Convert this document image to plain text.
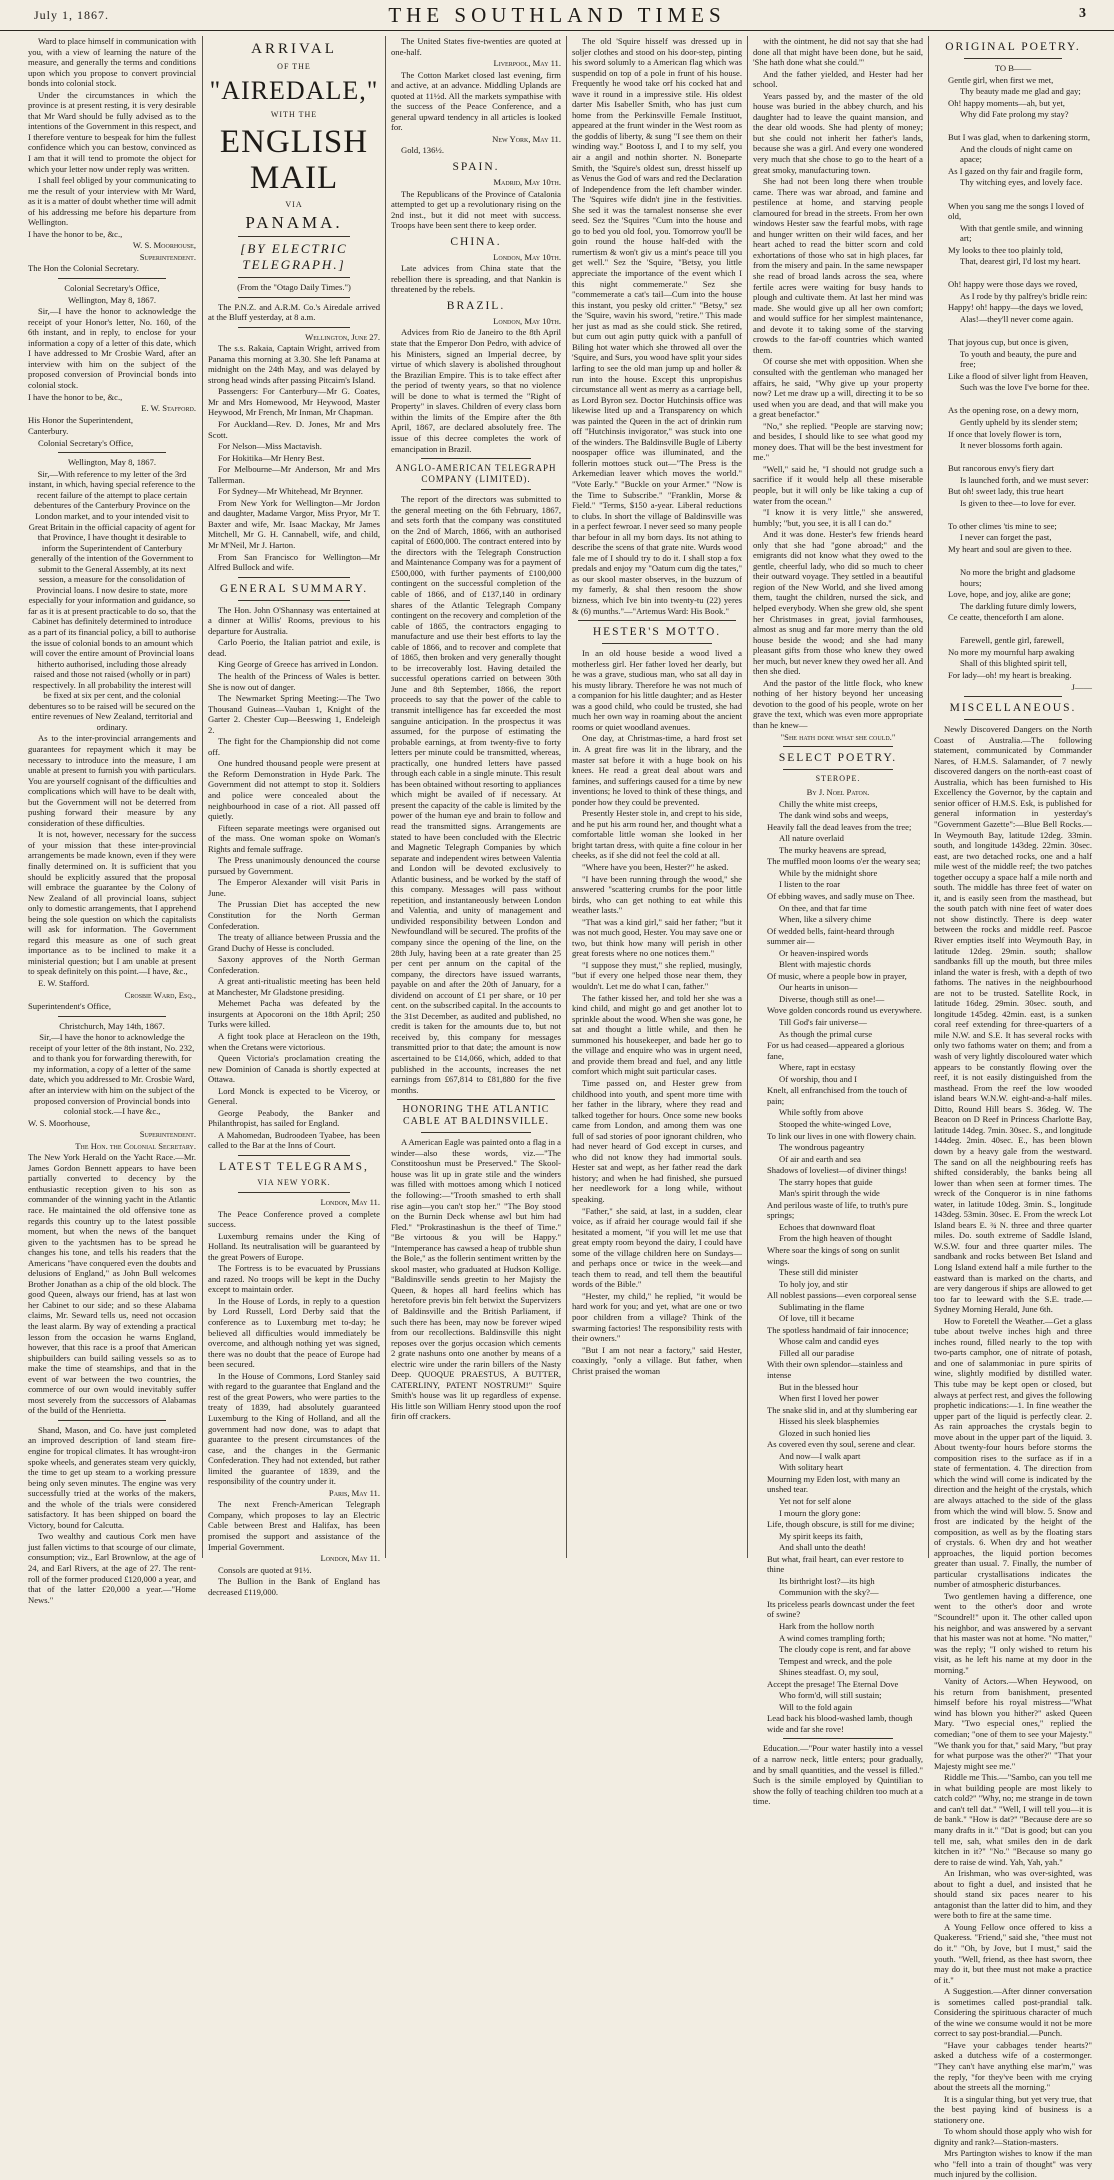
July 1, 1867.	THE SOUTHLAND TIMES	3

Ward to place himself in communication with you, with a view of learning the nature of the measure, and generally the terms and conditions upon which you propose to convert provincial bonds into colonial stock.

Under the circumstances in which the province is at present resting, it is very desirable that Mr Ward should be fully advised as to the intentions of the Government in this respect, and I therefore venture to bespeak for him the fullest confidence which you can bestow, convinced as I am that it will tend to promote the object for which your letter now under reply was written.

I shall feel obliged by your communicating to me the result of your interview with Mr Ward, as it is a matter of doubt whether time will admit of his addressing me before his departure from Wellington.

I have the honor to be, &c.,

W. S. Moorhouse,

Superintendent.

The Hon the Colonial Secretary.

Colonial Secretary's Office,

Wellington, May 8, 1867.

Sir,—I have the honor to acknowledge the receipt of your Honor's letter, No. 160, of the 6th instant, and in reply, to enclose for your information a copy of a letter of this date, which I have addressed to Mr Crosbie Ward, after an interview with him on the subject of the proposed conversion of Provincial bonds into colonial stock.

I have the honor to be, &c.,

E. W. Stafford.

His Honor the Superintendent,

Canterbury.

Colonial Secretary's Office,

Wellington, May 8, 1867.

Sir,—With reference to my letter of the 3rd instant, in which, having special reference to the recent failure of the attempt to place certain debentures of the Canterbury Province on the London market, and to your intended visit to Great Britain in the official capacity of agent for that Province, I have thought it desirable to inform the Superintendent of Canterbury generally of the intention of the Government to submit to the General Assembly, at its next session, a measure for the consolidation of Provincial loans. I now desire to state, more especially for your information and guidance, so far as it is at present practicable to do so, that the Cabinet has definitely determined to introduce as a part of its financial policy, a bill to authorise the issue of colonial bonds to an amount which will cover the entire amount of Provincial loans hitherto authorised, including those already raised and those not raised (wholly or in part) respectively. In all probability the interest will be fixed at six per cent, and the colonial debentures so to be raised will be secured on the entire revenues of New Zealand, territorial and ordinary.

As to the inter-provincial arrangements and guarantees for repayment which it may be necessary to introduce into the measure, I am unable at present to furnish you with particulars. You are yourself cognisant of the difficulties and complications which will have to be dealt with, but the Government will not be deterred from pushing forward their measure by any consideration of these difficulties.

It is not, however, necessary for the success of your mission that these inter-provincial arrangements be made known, even if they were finally determined on. It is sufficient that you should be explicitly assured that the proposal will embrace the guarantee by the Colony of New Zealand of all provincial loans, subject only to domestic arrangements, that I apprehend being the sole question on which the capitalists will ask for information. The Government regard this measure as one of such great importance as to be inclined to make it a ministerial question; but I am unable at present to speak definitely on this point.—I have, &c.,

E. W. Stafford.

Crosbie Ward, Esq.,

Superintendent's Office,

Christchurch, May 14th, 1867.

Sir,—I have the honor to acknowledge the receipt of your letter of the 8th instant, No. 232, and to thank you for forwarding therewith, for my information, a copy of a letter of the same date, which you addressed to Mr. Crosbie Ward, after an interview with him on the subject of the proposed conversion of Provincial bonds into colonial stock.—I have &c.,

W. S. Moorhouse,

Superintendent.

The Hon. the Colonial Secretary.

The New York Herald on the Yacht Race.—Mr. James Gordon Bennett appears to have been partially converted to decency by the enthusiastic reception given to his son as commander of the winning yacht in the Atlantic race. He maintained the old offensive tone as regards this country up to the latest possible moment, but when the news of the banquet given to the yachtsmen has to be spread he changes his tone, and tells his readers that the Americans "have conquered even the doubts and delusions of England," as John Bull welcomes Brother Jonathan as a chip of the old block. The good Queen, always our friend, has at last won her Cabinet to our side; and so these Alabama claims, Mr. Seward tells us, need not occasion the least alarm. By way of extending a practical lesson from the occasion he warns England, however, that this race is a proof that American shipbuilders can build sailing vessels so as to make the time of steamships, and that in the event of war between the two countries, the commerce of our own would inevitably suffer most severely from the successors of Alabamas of the build of the Henrietta.

Shand, Mason, and Co. have just completed an improved description of land steam fire-engine for tropical climates. It has wrought-iron spoke wheels, and generates steam very quickly, the time to get up steam to a working pressure being only seven minutes. The engine was very successfully tried at the works of the makers, and the whole of the trials were considered satisfactory. It has been shipped on board the Victory, bound for Calcutta.

Two wealthy and cautious Cork men have just fallen victims to that scourge of our climate, consumption; viz., Earl Brownlow, at the age of 24, and Earl Rivers, at the age of 27. The rent-roll of the former produced £120,000 a year, and that of the latter £20,000 a year.—"Home News."

ARRIVAL
OF THE
"AIREDALE,"
WITH THE
ENGLISH MAIL
VIA
PANAMA.
[BY ELECTRIC TELEGRAPH.]

(From the "Otago Daily Times.")

The P.N.Z. and A.R.M. Co.'s Airedale arrived at the Bluff yesterday, at 8 a.m.

Wellington, June 27.

The s.s. Rakaia, Captain Wright, arrived from Panama this morning at 3.30. She left Panama at midnight on the 24th May, and was delayed by strong head winds after passing Pitcairn's Island.

Passengers: For Canterbury—Mr G. Coates, Mr and Mrs Homewood, Mr Heywood, Master Heywood, Mr French, Mr Inman, Mr Chapman.

For Auckland—Rev. D. Jones, Mr and Mrs Scott.

For Nelson—Miss Mactavish.

For Hokitika—Mr Henry Best.

For Melbourne—Mr Anderson, Mr and Mrs Tallerman.

For Sydney—Mr Whitehead, Mr Brynner.

From New York for Wellington—Mr Jordon and daughter, Madame Vargor, Miss Pryor, Mr T. Baxter and wife, Mr. Isaac Mackay, Mr James Mitchell, Mr G. H. Cannabell, wife, and child, Mr M'Neil, Mr J. Harton.

From San Francisco for Wellington—Mr Alfred Bullock and wife.

GENERAL SUMMARY.

The Hon. John O'Shannasy was entertained at a dinner at Willis' Rooms, previous to his departure for Australia.

Carlo Poerio, the Italian patriot and exile, is dead.

King George of Greece has arrived in London.

The health of the Princess of Wales is better. She is now out of danger.

The Newmarket Spring Meeting:—The Two Thousand Guineas—Vauban 1, Knight of the Garter 2. Chester Cup—Beeswing 1, Endeleigh 2.

The fight for the Championship did not come off.

One hundred thousand people were present at the Reform Demonstration in Hyde Park. The Government did not attempt to stop it. Soldiers and police were concealed about the neighbourhood in case of a riot. All passed off quietly.

Fifteen separate meetings were organised out of the mass. One woman spoke on Woman's Rights and female suffrage.

The Press unanimously denounced the course pursued by Government.

The Emperor Alexander will visit Paris in June.

The Prussian Diet has accepted the new Constitution for the North German Confederation.

The treaty of alliance between Prussia and the Grand Duchy of Hesse is concluded.

Saxony approves of the North German Confederation.

A great anti-ritualistic meeting has been held at Manchester, Mr Gladstone presiding.

Mehemet Pacha was defeated by the insurgents at Apocoroni on the 18th April; 250 Turks were killed.

A fight took place at Heracleon on the 19th, when the Cretans were victorious.

Queen Victoria's proclamation creating the new Dominion of Canada is shortly expected at Ottawa.

Lord Monck is expected to be Viceroy, or General.

George Peabody, the Banker and Philanthropist, has sailed for England.

A Mahomedan, Budroodeen Tyabee, has been called to the Bar at the Inns of Court.

LATEST TELEGRAMS,
VIA NEW YORK.

London, May 11.

The Peace Conference proved a complete success.

Luxemburg remains under the King of Holland. Its neutralisation will be guaranteed by the great Powers of Europe.

The Fortress is to be evacuated by Prussians and razed. No troops will be kept in the Duchy except to maintain order.

In the House of Lords, in reply to a question by Lord Russell, Lord Derby said that the conference as to Luxemburg met to-day; he believed all difficulties would immediately be overcome, and although nothing yet was signed, there was no doubt that the peace of Europe had been secured.

In the House of Commons, Lord Stanley said with regard to the guarantee that England and the rest of the great Powers, who were parties to the treaty of 1839, had absolutely guaranteed Luxemburg to the King of Holland, and all the government had now done, was to adapt that guarantee to the present circumstances of the case, and the changes in the Germanic Confederation. They had not extended, but rather limited the guarantee of 1839, and the responsibility of the country under it.

Paris, May 11.

The next French-American Telegraph Company, which proposes to lay an Electric Cable between Brest and Halifax, has been promised the support and assistance of the Imperial Government.

London, May 11.

Consols are quoted at 91½.

The Bullion in the Bank of England has decreased £119,000.

The United States five-twenties are quoted at one-half.

Liverpool, May 11.

The Cotton Market closed last evening, firm and active, at an advance. Middling Uplands are quoted at 11½d. All the markets sympathise with the success of the Peace Conference, and a general upward tendency in all articles is looked for.

New York, May 11.

Gold, 136½.

SPAIN.

Madrid, May 10th.

The Republicans of the Province of Catalonia attempted to get up a revolutionary rising on the 2nd inst., but it did not meet with success. Troops have been sent there to keep order.

CHINA.

London, May 10th.

Late advices from China state that the rebellion there is spreading, and that Nankin is threatened by the rebels.

BRAZIL.

London, May 10th.

Advices from Rio de Janeiro to the 8th April state that the Emperor Don Pedro, with advice of his Ministers, signed an Imperial decree, by virtue of which slavery is abolished throughout the Brazilian Empire. This is to take effect after the period of twenty years, so that no violence will be done to what is termed the "Right of Property" in slaves. Children of every class born within the limits of the Empire after the 8th April, 1867, are declared absolutely free. The issue of this decree completes the work of emancipation in Brazil.

ANGLO-AMERICAN TELEGRAPH COMPANY (LIMITED).

The report of the directors was submitted to the general meeting on the 6th February, 1867, and sets forth that the company was constituted on the 2nd of March, 1866, with an authorised capital of £600,000. The contract entered into by the directors with the Telegraph Construction and Maintenance Company was for a payment of £500,000, with further payments of £100,000 contingent on the successful completion of the cable of 1866, and of £137,140 in ordinary shares of the Atlantic Telegraph Company contingent on the recovery and completion of the cable of 1865, the contractors engaging to manufacture and use their best efforts to lay the cable of 1866, and to recover and complete that of 1865, then broken and very generally thought to be irrecoverably lost. Having detailed the successful operations carried on between 30th June and 8th September, 1866, the report proceeds to say that the power of the cable to transmit intelligence has far exceeded the most sanguine anticipation. In the prospectus it was assumed, for the purpose of estimating the probable earnings, at from twenty-five to forty letters per minute could be transmitted, whereas, practically, one hundred letters have passed through each cable in a single minute. This result has been obtained without resorting to appliances which might be availed of if necessary. At present the capacity of the cable is limited by the power of the human eye and brain to follow and read the transmitted signs. Arrangements are stated to have been concluded with the Electric and Magnetic Telegraph Companies by which separate and independent wires between Valentia and London will be devoted exclusively to Atlantic business, and be worked by the staff of this company. Messages will pass without repetition, and instantaneously between London and Valentia, and unity of management and undivided responsibility between London and Newfoundland will be secured. The profits of the company since the opening of the line, on the 28th July, having been at a rate greater than 25 per cent per annum on the capital of the company, the directors have issued warrants, payable on and after the 20th of January, for a dividend on account of £1 per share, or 10 per cent. on the subscribed capital. In the accounts to the 31st December, as audited and published, no credit is taken for the amounts due to, but not received by, this company for messages transmitted prior to that date; the amount is now ascertained to be £14,066, which, added to that published in the accounts, increases the net earnings from £67,814 to £81,880 for the five months.

HONORING THE ATLANTIC CABLE AT BALDINSVILLE.

A American Eagle was painted onto a flag in a winder—also these words, viz.—"The Constitooshun must be Preserved." The Skool-house was lit up in grate stile and the winders was filled with mottoes among which I noticed the following:—"Trooth smashed to erth shall rise agin—you can't stop her." "The Boy stood on the Burnin Deck whense awl but him had Fled." "Prokrastinashun is the theef of Time." "Be virtoous & you will be Happy." "Intemperance has cawsed a heap of trubble shun the Bole," as the follerin sentiment written by the skool master, who graduated at Hudson Kollige. "Baldinsville sends greetin to her Majisty the Queen, & hopes all hard feelins which has heretofore previs bin felt betwixt the Supervizers of Baldinsville and the British Parliament, if such there has been, may now be forever wiped from our recollections. Baldinsville this night reposes over the gorjus occasion which cements 2 grate nashuns onto one another by means of a electric wire under the rarin billers of the Nasty Deep. QUOQUE PRAESTUS, A BUTTER, CATERLINY, PATENT NOSTRUM!" Squire Smith's house was lit up regardless of expense. His little son William Henry stood upon the roof firin off crackers.

The old 'Squire hisself was dressed up in soljer clothes and stood on his door-step, pinting his sword solumly to a American flag which was suspendid on top of a pole in frunt of his house. Frequently he wood take orf his cocked hat and wave it round in a impressive stile. His oldest darter Mis Isabeller Smith, who has just cum home from the Perkinsville Female Instituot, appeared at the frunt winder in the West room as the goddis of liberty, & sung "I see them on their winding way." Bootoss I, and I to my self, you air a angil and nothin shorter. N. Boneparte Smith, the 'Squire's oldest sun, dresst hisself up as Venus the God of wars and red the Declaration of Independence from the left chamber winder. The 'Squires wife didn't jine in the festivities. She sed it was the tarnalest nonsense she ever seed. Sez the 'Squires "Cum into the house and go to bed you old fool, you. Tomorrow you'll be goin round the house half-ded with the rumertism & won't giv us a mint's peace till you get well." Sez the 'Squire, "Betsy, you little appreciate the importance of the event which I this night commemerate." Sez she "commemerate a cat's tail—Cum into the house this instant, you pesky old critter." "Betsy," sez the 'Squire, wavin his sword, "retire." This made her just as mad as she could stick. She retired, but cum out agin putty quick with a panfull of Biling hot water which she throwed all over the 'Squire, and Surs, you wood have split your sides larfing to see the old man jump up and holler & run into the house. Except this unpropishus circumstance all went as merry as a carriage bell, as Lord Byron sez. Doctor Hutchinsis office was likewise lited up and a Transparency on which was painted the Queen in the act of drinkin rum off "Hutchinsis invigorator," was stuck into one of the winders. The Baldinsville Bugle of Liberty noospaper office was illuminated, and the follerin mottoes stuck out—"The Press is the Arkemedian leaver which moves the world." "Vote Early." "Buckle on your Armer." "Now is the Time to Subscribe." "Franklin, Morse & Field." "Terms, $150 a-year. Liberal reductions to clubs. In short the village of Baldinsville was in a perfect fewroar. I never seed so many people thar befour in all my born days. Its not athing to describe the scens of that grate nite. Wurds wood fale me of I should try to do it. I shall stop a fox predals and enjoy my "Oatum cum dig the tates," as our skool master observes, in the buzzum of my famerly, & shal then resoom the show bizness, which Ive bin into twenty-tu (22) yeres & (6) munths."—"Artemus Ward: His Book."

HESTER'S MOTTO.

In an old house beside a wood lived a motherless girl. Her father loved her dearly, but he was a grave, studious man, who sat all day in his musty library. Therefore he was not much of a companion for his little daughter; and as Hester was a good child, who could be trusted, she had much her own way in roaming about the ancient rooms or quiet woodland avenues.

One day, at Christmas-time, a hard frost set in. A great fire was lit in the library, and the master sat before it with a huge book on his knees. He read a great deal about wars and famines, and sufferings caused for a time by new inventions; he loved to think of these things, and ponder how they could be prevented.

Presently Hester stole in, and crept to his side, and he put his arm round her, and thought what a comfortable little woman she looked in her bright tartan dress, with quite a fine colour in her cheeks, as if she did not feel the cold at all.

"Where have you been, Hester?" he asked.

"I have been running through the wood," she answered "scattering crumbs for the poor little birds, who can get nothing to eat while this weather lasts."

"That was a kind girl," said her father; "but it was not much good, Hester. You may save one or two, but think how many will perish in other great forests where no one notices them."

"I suppose they must," she replied, musingly, "but if every one helped those near them, they wouldn't. Let me do what I can, father."

The father kissed her, and told her she was a kind child, and might go and get another lot to sprinkle about the wood. When she was gone, he sat and thought a little while, and then he summoned his housekeeper, and bade her go to the village and enquire who was in urgent need, and provide them bread and fuel, and any little comfort which might suit particular cases.

Time passed on, and Hester grew from childhood into youth, and spent more time with her father in the library, where they read and talked together for hours. Once some new books came from London, and among them was one full of sad stories of poor ignorant children, who had never heard of God except in curses, and who did not know they had immortal souls. Hester sat and wept, as her father read the dark history; and when he had finished, she pursued her needlework for a long while, without speaking.

"Father," she said, at last, in a sudden, clear voice, as if afraid her courage would fail if she hesitated a moment, "if you will let me use that great empty room beyond the dairy, I could have some of the village children here on Sundays—and perhaps once or twice in the week—and teach them to read, and tell them the beautiful words of the Bible."

"Hester, my child," he replied, "it would be hard work for you; and yet, what are one or two poor children from a village? Think of the swarming factories! The responsibility rests with their owners."

"But I am not near a factory," said Hester, coaxingly, "only a village. But father, when Christ praised the woman

with the ointment, he did not say that she had done all that might have been done, but he said, 'She hath done what she could.'"

And the father yielded, and Hester had her school.

Years passed by, and the master of the old house was buried in the abbey church, and his daughter had to leave the quaint mansion, and the dear old woods. She had plenty of money; but she could not inherit her father's lands, because she was a girl. And every one wondered very much that she chose to go to the heart of a great smoky, manufacturing town.

She had not been long there when trouble came. There was war abroad, and famine and pestilence at home, and starving people clamoured for bread in the streets. From her own windows Hester saw the fearful mobs, with rage and hunger written on their wild faces, and her heart ached to read the bitter scorn and cold exhortations of those who sat in high places, far from the misery and pain. In the same newspaper she read of broad lands across the sea, where fertile acres were waiting for busy hands to plough and cultivate them. At last her mind was made. She would give up all her own comfort; and would suffice for her simplest maintenance, and devote it to taking some of the starving crowds to the far-off countries which wanted them.

Of course she met with opposition. When she consulted with the gentleman who managed her affairs, he said, "Why give up your property now? Let me draw up a will, directing it to be so used when you are dead, and that will make you a great benefactor."

"No," she replied. "People are starving now; and besides, I should like to see what good my money does. That will be the best investment for me."

"Well," said he, "I should not grudge such a sacrifice if it would help all these miserable people, but it will only be like taking a cup of water from the ocean."

"I know it is very little," she answered, humbly; "but, you see, it is all I can do."

And it was done. Hester's few friends heard only that she had "gone abroad;" and the emigrants did not know what they owed to the gentle, cheerful lady, who did so much to cheer their outward voyage. They settled in a beautiful region of the New World, and she lived among them, taught the children, nursed the sick, and helped everybody. When she grew old, she spent her Christmases in great, jovial farmhouses, almost as snug and far more merry than the old house beside the wood; and she had many pleasant gifts from those who knew they owed her much, but never knew they owed her all. And then she died.

And the pastor of the little flock, who knew nothing of her history beyond her unceasing devotion to the good of his people, wrote on her grave the text, which was even more appropriate than he knew—

"She hath done what she could."

SELECT POETRY.
STEROPE.

By J. Noel Paton.

Chilly the white mist creeps,

The dank wind sobs and weeps,

Heavily fall the dead leaves from the tree;

All nature overlaid

The murky heavens are spread,

The muffled moon looms o'er the weary sea;

While by the midnight shore

I listen to the roar

Of ebbing waves, and sadly muse on Thee.

On thee, and that far time

When, like a silvery chime

Of wedded bells, faint-heard through summer air—

Or heaven-inspired words

Blent with majestic chords

Of music, where a people bow in prayer,

Our hearts in unison—

Diverse, though still as one!—

Wove golden concords round us everywhere.

Till God's fair universe—

As though the primal curse

For us had ceased—appeared a glorious fane,

Where, rapt in ecstasy

Of worship, thou and I

Knelt, all enfranchised from the touch of pain;

While softly from above

Stooped the white-winged Love,

To link our lives in one with flowery chain.

The wondrous pageantry

Of air and earth and sea

Shadows of loveliest—of diviner things!

The starry hopes that guide

Man's spirit through the wide

And perilous waste of life, to truth's pure springs;

Echoes that downward float

From the high heaven of thought

Where soar the kings of song on sunlit wings.

These still did minister

To holy joy, and stir

All noblest passions—even corporeal sense

Sublimating in the flame

Of love, till it became

The spotless handmaid of fair innocence;

Whose calm and candid eyes

Filled all our paradise

With their own splendor—stainless and intense

But in the blessed hour

When first I loved her power

The snake slid in, and at thy slumbering ear

Hissed his sleek blasphemies

Glozed in such honied lies

As covered even thy soul, serene and clear.

And now—I walk apart

With solitary heart

Mourning my Eden lost, with many an unshed tear.

Yet not for self alone

I mourn the glory gone:

Life, though obscure, is still for me divine;

My spirit keeps its faith,

And shall unto the death!

But what, frail heart, can ever restore to thine

Its birthright lost?—its high

Communion with the sky?—

Its priceless pearls downcast under the feet of swine?

Hark from the hollow north

A wind comes trampling forth;

The cloudy cope is rent, and far above

Tempest and wreck, and the pole

Shines steadfast. O, my soul,

Accept the presage! The Eternal Dove

Who form'd, will still sustain;

Will to the fold again

Lead back his blood-washed lamb, though wide and far she rove!

Education.—"Pour water hastily into a vessel of a narrow neck, little enters; pour gradually, and by small quantities, and the vessel is filled." Such is the simile employed by Quintilian to show the folly of teaching children too much at a time.

ORIGINAL POETRY.

TO B——

Gentle girl, when first we met,

Thy beauty made me glad and gay;

Oh! happy moments—ah, but yet,

Why did Fate prolong my stay?

But I was glad, when to darkening storm,

And the clouds of night came on apace;

As I gazed on thy fair and fragile form,

Thy witching eyes, and lovely face.

When you sang me the songs I loved of old,

With that gentle smile, and winning art;

My looks to thee too plainly told,

That, dearest girl, I'd lost my heart.

Oh! happy were those days we roved,

As I rode by thy palfrey's bridle rein:

Happy! oh! happy—the days we loved,

Alas!—they'll never come again.

That joyous cup, but once is given,

To youth and beauty, the pure and free;

Like a flood of silver light from Heaven,

Such was the love I've borne for thee.

As the opening rose, on a dewy morn,

Gently upheld by its slender stem;

If once that lovely flower is torn,

It never blossoms forth again.

But rancorous envy's fiery dart

Is launched forth, and we must sever:

But oh! sweet lady, this true heart

Is given to thee—to love for ever.

To other climes 'tis mine to see;

I never can forget the past,

My heart and soul are given to thee.

No more the bright and gladsome hours;

Love, hope, and joy, alike are gone;

The darkling future dimly lowers,

Ce ceatte, thenceforth I am alone.

Farewell, gentle girl, farewell,

No more my mournful harp awaking

Shall of this blighted spirit tell,

For lady—oh! my heart is breaking.

J——

MISCELLANEOUS.

Newly Discovered Dangers on the North Coast of Australia.—The following statement, communicated by Commander Nares, of H.M.S. Salamander, of 7 newly discovered dangers on the north-east coast of Australia, which has been furnished to His Excellency the Governor, by the captain and senior officer of H.M.S. Esk, is published for general information in yesterday's "Government Gazette":—Blue Bell Rocks.—In Weymouth Bay, latitude 12deg. 33min. south, and longitude 143deg. 22min. 30sec. east, are two detached rocks, one and a half mile west of the middle reef; the two patches together occupy a space half a mile north and south. The middle has three feet of water on it, and is easily seen from the masthead, but the south patch with nine feet of water does not show distinctly. There is deep water between the rocks and middle reef. Pascoe River empties itself into Weymouth Bay, in latitude 12deg. 29min. south; shallow sandbanks fill up the mouth, but three miles inland the water is fresh, with a depth of two fathoms. The natives in the neighbourhood are not to be trusted. Satellite Rock, in latitude 16deg. 29min. 30sec. south, and longitude 145deg. 42min. east, is a sunken coral reef extending for three-quarters of a mile N.W. and S.E. It has several rocks with only two fathoms water on them; and from a wash of very lightly discoloured water which appears to be constantly flowing over the reef, it is not easily distinguished from the masthead. From the reef the low wooded island bears W.N.W. eight-and-a-half miles. Ditto, Round Hill bears S. 36deg. W. The Beacon on D Reef in Princess Charlotte Bay, latitude 14deg. 7min. 30sec. S., and longitude 144deg. 2min. 40sec. E., has been blown down by a heavy gale from the westward. The sand on all the neighbouring reefs has shifted considerably, the banks being all lower than when seen at former times. The wreck of the Conqueror is in nine fathoms water, in latitude 10deg. 3min. S., longitude 143deg. 53min. 30sec. E. From the wreck Lot Island bears E. ¾ N. three and three quarter miles. Do. south extreme of Saddle Island, W.S.W. four and three quarter miles. The sandbank and rocks between Bet Island and Long Island extend half a mile further to the eastward than is marked on the charts, and are very dangerous if ships are allowed to get too far to leeward with the S.E. trade.—Sydney Morning Herald, June 6th.

How to Foretell the Weather.—Get a glass tube about twelve inches high and three inches round, filled nearly to the top with two-parts camphor, one of nitrate of potash, and one of salammoniac in pure spirits of wine, slightly modified by distilled water. This tube may be kept open or closed, but always at perfect rest, and gives the following prophetic indications:—1. In fine weather the upper part of the liquid is perfectly clear. 2. As rain approaches the crystals begin to move about in the upper part of the liquid. 3. About twenty-four hours before storms the composition rises to the surface as if in a state of fermentation. 4. The direction from which the wind will come is indicated by the direction and the height of the crystals, which are always attached to the side of the glass from which the wind will blow. 5. Snow and frost are indicated by the height of the composition, as well as by the floating stars of crystals. 6. When dry and hot weather approaches, the liquid portion becomes greater than usual. 7. Finally, the number of particular crystallisations indicates the number of atmospheric disturbances.

Two gentlemen having a difference, one went to the other's door and wrote "Scoundrel!" upon it. The other called upon his neighbor, and was answered by a servant that his master was not at home. "No matter," was the reply; "I only wished to return his visit, as he left his name at my door in the morning."

Vanity of Actors.—When Heywood, on his return from banishment, presented himself before his royal mistress—"What wind has blown you hither?" asked Queen Mary. "Two especial ones," replied the comedian; "one of them to see your Majesty." "We thank you for that," said Mary, "but pray for what purpose was the other?" "That your Majesty might see me."

Riddle me This.—"Sambo, can you tell me in what building people are most likely to catch cold?" "Why, no; me strange in de town and can't tell dat." "Well, I will tell you—it is de bank." "How is dat?" "Because dere are so many drafts in it." "Dat is good; but can you tell me, sah, what smiles den in de dark kitchen in it?" "No." "Because so many go dere to raise de wind. Yah, Yah, yah."

An Irishman, who was over-sighted, was about to fight a duel, and insisted that he should stand six paces nearer to his antagonist than the latter did to him, and they were both to fire at the same time.

A Young Fellow once offered to kiss a Quakeress. "Friend," said she, "thee must not do it." "Oh, by Jove, but I must," said the youth. "Well, friend, as thee hast sworn, thee may do it, but thee must not make a practice of it."

A Suggestion.—After dinner conversation is sometimes called post-prandial talk. Considering the spirituous character of much of the wine we consume would it not be more correct to say post-brandial.—Punch.

"Have your cabbages tender hearts?" asked a dutchess wife of a costermonger. "They can't have anything else mar'm," was the reply, "for they've been with me crying about the streets all the morning."

It is a singular thing, but yet very true, that the best paying kind of business is a stationery one.

To whom should those apply who wish for dignity and rank?—Station-masters.

Mrs Partington wishes to know if the man who "fell into a train of thought" was very much injured by the collision.
